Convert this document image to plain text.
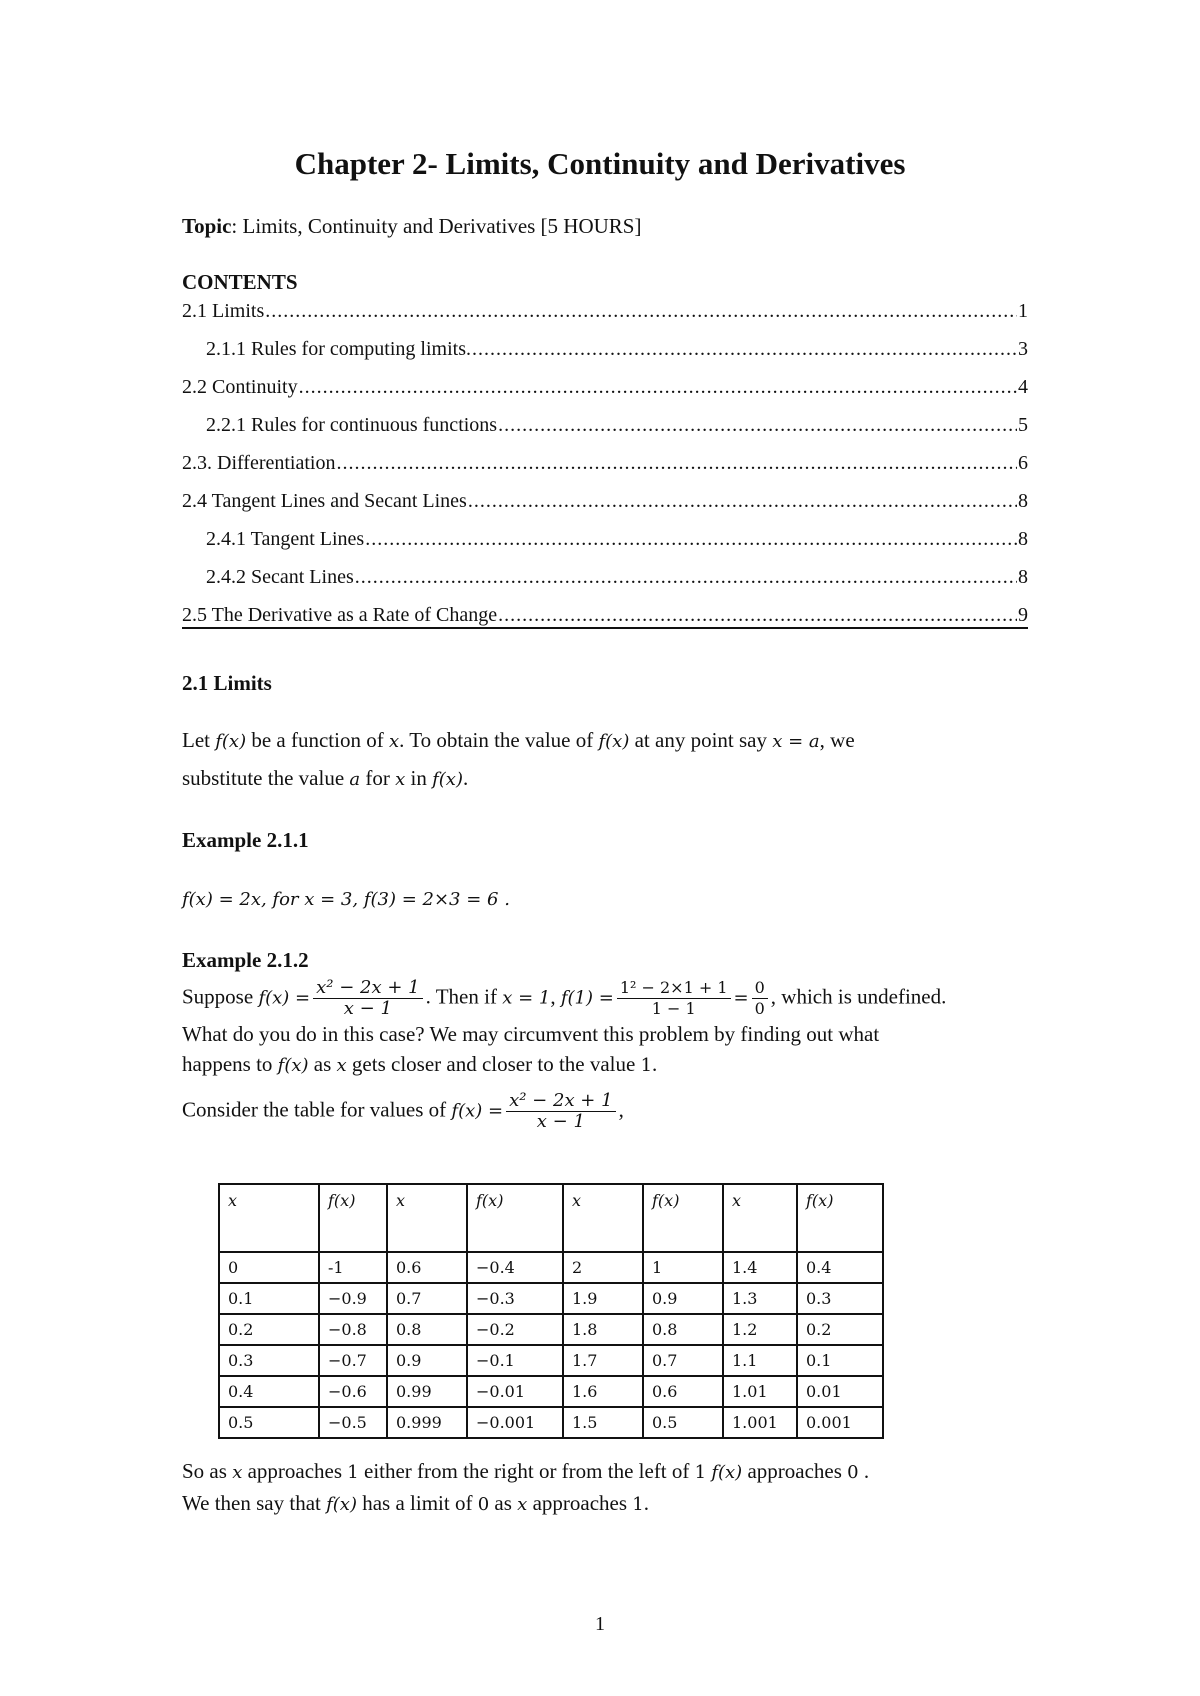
Chapter 2- Limits, Continuity and Derivatives
Topic: Limits, Continuity and Derivatives [5 HOURS]
CONTENTS
2.1 Limits .....	1
2.1.1 Rules for computing limits. .....	3
2.2 Continuity .....	4
2.2.1 Rules for continuous functions .....	5
2.3. Differentiation .....	6
2.4 Tangent Lines and Secant Lines .....	8
2.4.1 Tangent Lines .....	8
2.4.2 Secant Lines .....	8
2.5 The Derivative as a Rate of Change .....	9
2.1 Limits
Let f(x) be a function of x. To obtain the value of f(x) at any point say x = a, we
substitute the value a for x in f(x).
Example 2.1.1
f(x) = 2x, for x = 3, f(3) = 2×3 = 6 .
Example 2.1.2
Suppose $f(x) = \frac{\text{x² − 2x + 1}}{x - 1}$ . Then if x = 1, $f(1) = \frac{\text{1² − 2×1 + 1}}{1 - 1} = \frac{0}{0}$ , which is undefined.
What do you do in this case? We may circumvent this problem by finding out what
happens to f(x) as x gets closer and closer to the value 1.
Consider the table for values of $f(x) = \frac{\text{x² − 2x + 1}}{x - 1}$ ,
x	f(x)	x	f(x)	x	f(x)	x	f(x)
0	-1	0.6	−0.4	2	1	1.4	0.4
0.1	−0.9	0.7	−0.3	1.9	0.9	1.3	0.3
0.2	−0.8	0.8	−0.2	1.8	0.8	1.2	0.2
0.3	−0.7	0.9	−0.1	1.7	0.7	1.1	0.1
0.4	−0.6	0.99	−0.01	1.6	0.6	1.01	0.01
0.5	−0.5	0.999	−0.001	1.5	0.5	1.001	0.001
So as x approaches 1 either from the right or from the left of 1 f(x) approaches 0 .
We then say that f(x) has a limit of 0 as x approaches 1.
1
